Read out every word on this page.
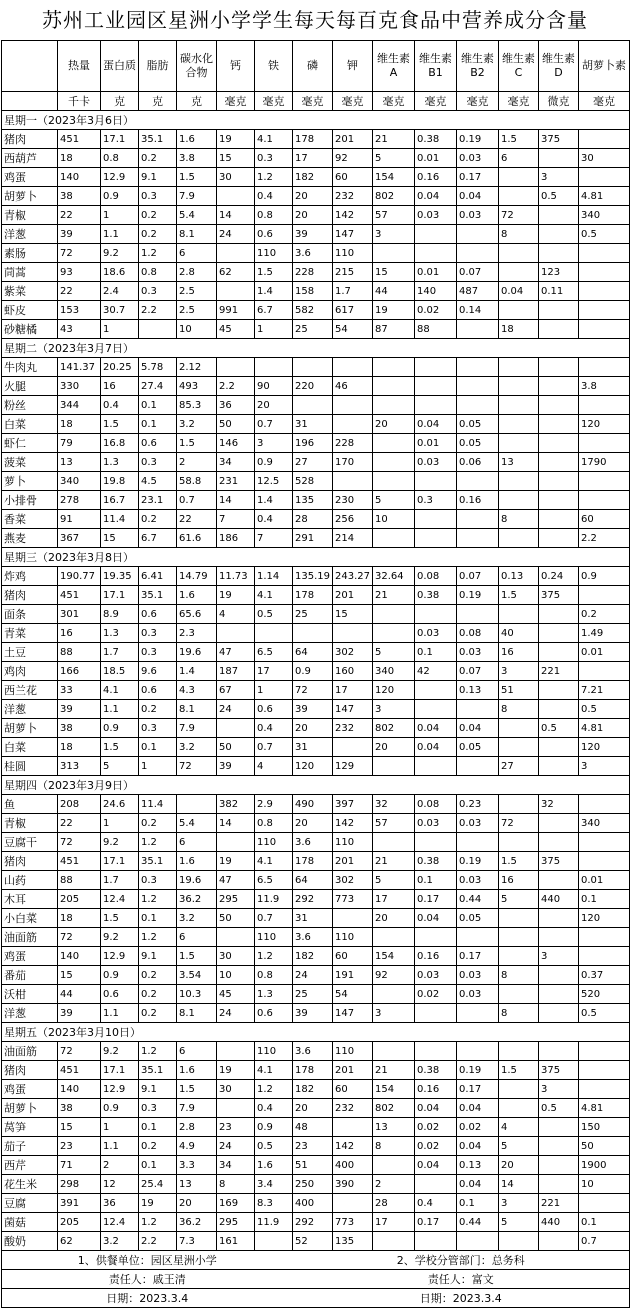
苏州工业园区星洲小学学生每天每百克食品中营养成分含量
	热量	蛋白质	脂肪	碳水化合物	钙	铁	磷	钾	维生素A	维生素B1	维生素B2	维生素C	维生素D	胡萝卜素
	千卡	克	克	克	毫克	毫克	毫克	毫克	毫克	毫克	毫克	毫克	微克	毫克
星期一（2023年3月6日）														
猪肉	451	17.1	35.1	1.6	19	4.1	178	201	21	0.38	0.19	1.5	375	
西葫芦	18	0.8	0.2	3.8	15	0.3	17	92	5	0.01	0.03	6		30
鸡蛋	140	12.9	9.1	1.5	30	1.2	182	60	154	0.16	0.17		3	
胡萝卜	38	0.9	0.3	7.9		0.4	20	232	802	0.04	0.04		0.5	4.81
青椒	22	1	0.2	5.4	14	0.8	20	142	57	0.03	0.03	72		340
洋葱	39	1.1	0.2	8.1	24	0.6	39	147	3			8		0.5
素肠	72	9.2	1.2	6		110	3.6	110						
茼蒿	93	18.6	0.8	2.8	62	1.5	228	215	15	0.01	0.07		123	
紫菜	22	2.4	0.3	2.5		1.4	158	1.7	44	140	487	0.04	0.11	
虾皮	153	30.7	2.2	2.5	991	6.7	582	617	19	0.02	0.14			
砂糖橘	43	1		10	45	1	25	54	87	88		18		
星期二（2023年3月7日）														
牛肉丸	141.37	20.25	5.78	2.12										
火腿	330	16	27.4	493	2.2	90	220	46						3.8
粉丝	344	0.4	0.1	85.3	36	20								
白菜	18	1.5	0.1	3.2	50	0.7	31		20	0.04	0.05			120
虾仁	79	16.8	0.6	1.5	146	3	196	228		0.01	0.05			
菠菜	13	1.3	0.3	2	34	0.9	27	170		0.03	0.06	13		1790
萝卜	340	19.8	4.5	58.8	231	12.5	528							
小排骨	278	16.7	23.1	0.7	14	1.4	135	230	5	0.3	0.16			
香菜	91	11.4	0.2	22	7	0.4	28	256	10			8		60
燕麦	367	15	6.7	61.6	186	7	291	214						2.2
星期三（2023年3月8日）														
炸鸡	190.77	19.35	6.41	14.79	11.73	1.14	135.19	243.27	32.64	0.08	0.07	0.13	0.24	0.9
猪肉	451	17.1	35.1	1.6	19	4.1	178	201	21	0.38	0.19	1.5	375	
面条	301	8.9	0.6	65.6	4	0.5	25	15						0.2
青菜	16	1.3	0.3	2.3						0.03	0.08	40		1.49
土豆	88	1.7	0.3	19.6	47	6.5	64	302	5	0.1	0.03	16		0.01
鸡肉	166	18.5	9.6	1.4	187	17	0.9	160	340	42	0.07	3	221	
西兰花	33	4.1	0.6	4.3	67	1	72	17	120		0.13	51		7.21
洋葱	39	1.1	0.2	8.1	24	0.6	39	147	3			8		0.5
胡萝卜	38	0.9	0.3	7.9		0.4	20	232	802	0.04	0.04		0.5	4.81
白菜	18	1.5	0.1	3.2	50	0.7	31		20	0.04	0.05			120
桂圆	313	5	1	72	39	4	120	129				27		3
星期四（2023年3月9日）														
鱼	208	24.6	11.4		382	2.9	490	397	32	0.08	0.23		32	
青椒	22	1	0.2	5.4	14	0.8	20	142	57	0.03	0.03	72		340
豆腐干	72	9.2	1.2	6		110	3.6	110						
猪肉	451	17.1	35.1	1.6	19	4.1	178	201	21	0.38	0.19	1.5	375	
山药	88	1.7	0.3	19.6	47	6.5	64	302	5	0.1	0.03	16		0.01
木耳	205	12.4	1.2	36.2	295	11.9	292	773	17	0.17	0.44	5	440	0.1
小白菜	18	1.5	0.1	3.2	50	0.7	31		20	0.04	0.05			120
油面筋	72	9.2	1.2	6		110	3.6	110						
鸡蛋	140	12.9	9.1	1.5	30	1.2	182	60	154	0.16	0.17		3	
番茄	15	0.9	0.2	3.54	10	0.8	24	191	92	0.03	0.03	8		0.37
沃柑	44	0.6	0.2	10.3	45	1.3	25	54		0.02	0.03			520
洋葱	39	1.1	0.2	8.1	24	0.6	39	147	3			8		0.5
星期五（2023年3月10日）														
油面筋	72	9.2	1.2	6		110	3.6	110						
猪肉	451	17.1	35.1	1.6	19	4.1	178	201	21	0.38	0.19	1.5	375	
鸡蛋	140	12.9	9.1	1.5	30	1.2	182	60	154	0.16	0.17		3	
胡萝卜	38	0.9	0.3	7.9		0.4	20	232	802	0.04	0.04		0.5	4.81
莴笋	15	1	0.1	2.8	23	0.9	48		13	0.02	0.02	4		150
茄子	23	1.1	0.2	4.9	24	0.5	23	142	8	0.02	0.04	5		50
西芹	71	2	0.1	3.3	34	1.6	51	400		0.04	0.13	20		1900
花生米	298	12	25.4	13	8	3.4	250	390	2		0.04	14		10
豆腐	391	36	19	20	169	8.3	400		28	0.4	0.1	3	221	
菌菇	205	12.4	1.2	36.2	295	11.9	292	773	17	0.17	0.44	5	440	0.1
酸奶	62	3.2	2.2	7.3	161		52	135						0.7
1、供餐单位：园区星洲小学							2、学校分管部门：总务科							
责任人：戚王清							责任人：富文							
日期：2023.3.4							日期：2023.3.4							
